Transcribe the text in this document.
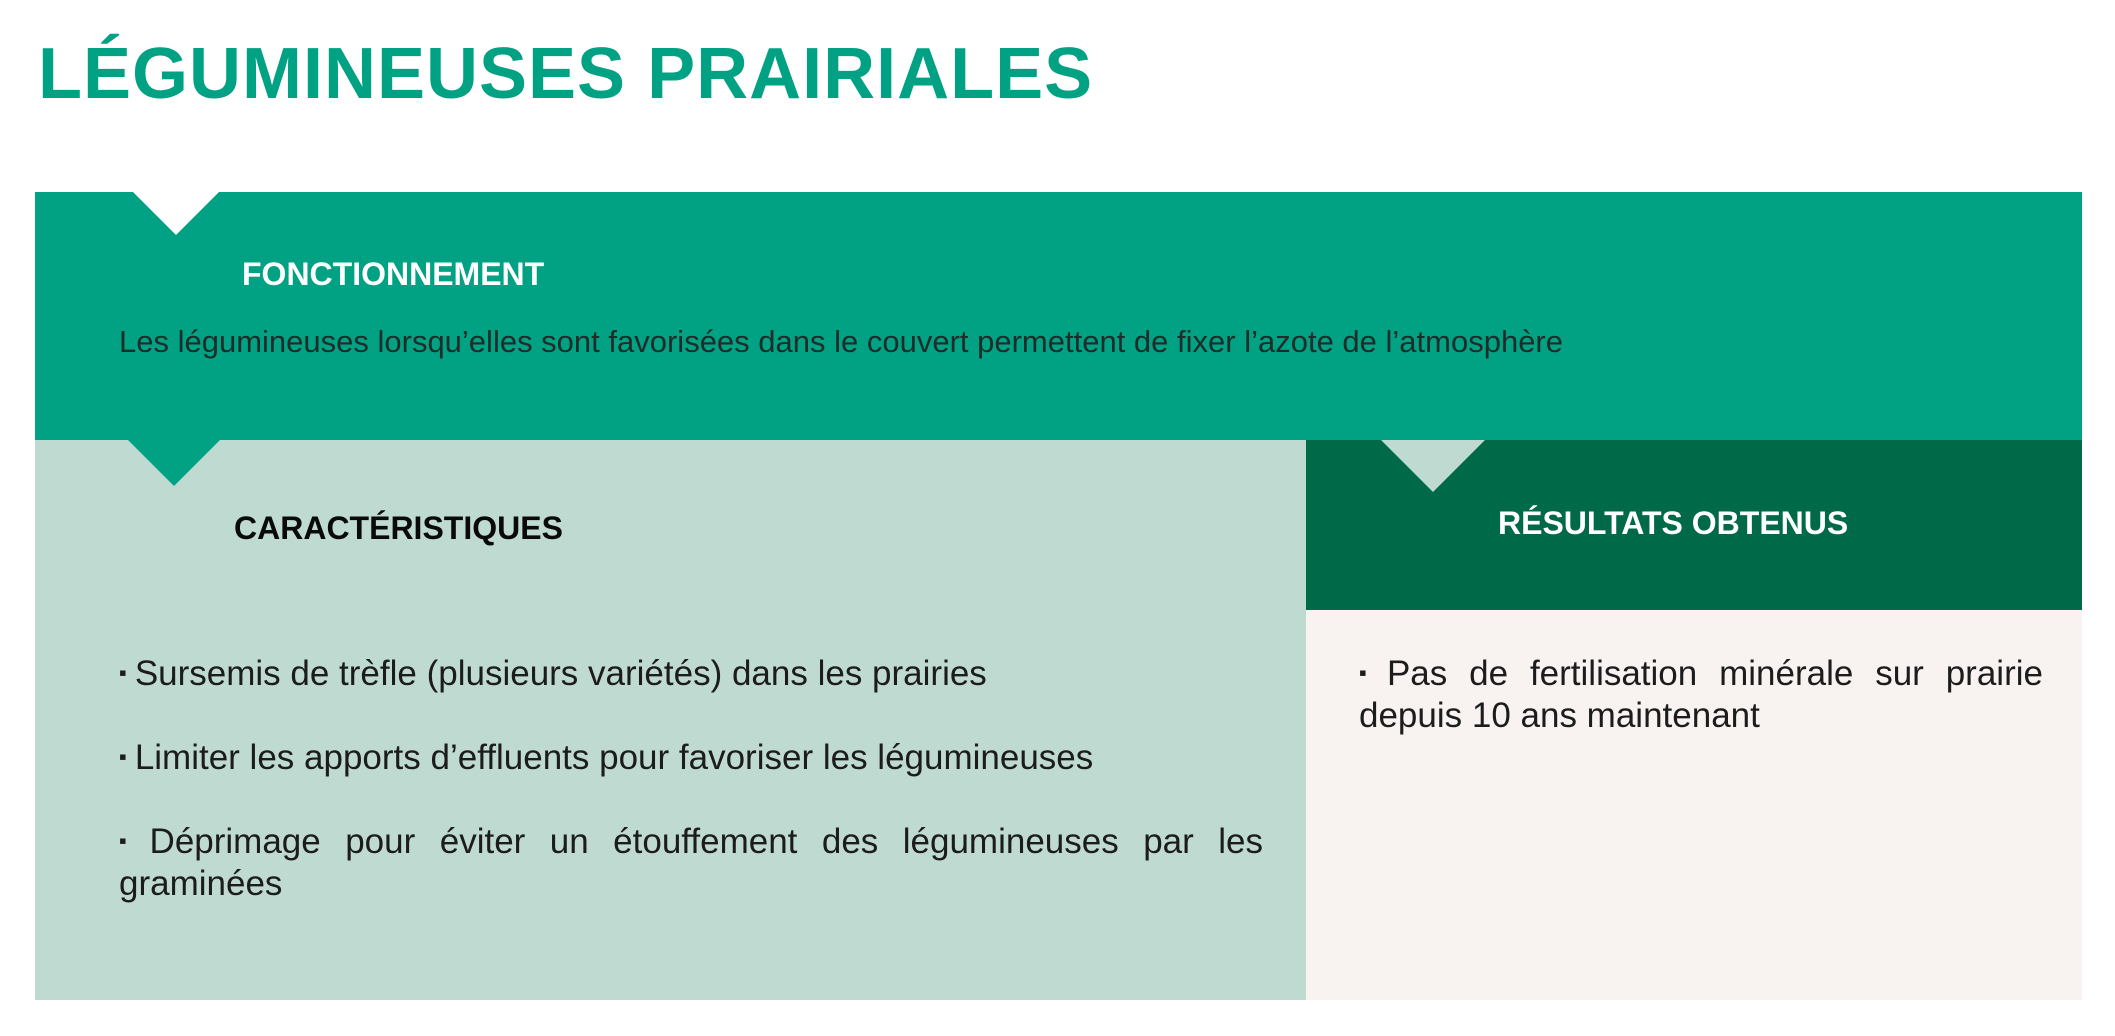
LÉGUMINEUSES PRAIRIALES
FONCTIONNEMENT

Les légumineuses lorsqu’elles sont favorisées dans le couvert permettent de fixer l’azote de l’atmosphère

CARACTÉRISTIQUES
▪ Sursemis de trèfle (plusieurs variétés) dans les prairies
▪ Limiter les apports d’effluents pour favoriser les légumineuses
▪ Déprimage pour éviter un étouffement des légumineuses par les graminées
RÉSULTATS OBTENUS
▪ Pas de fertilisation minérale sur prairie depuis 10 ans maintenant
